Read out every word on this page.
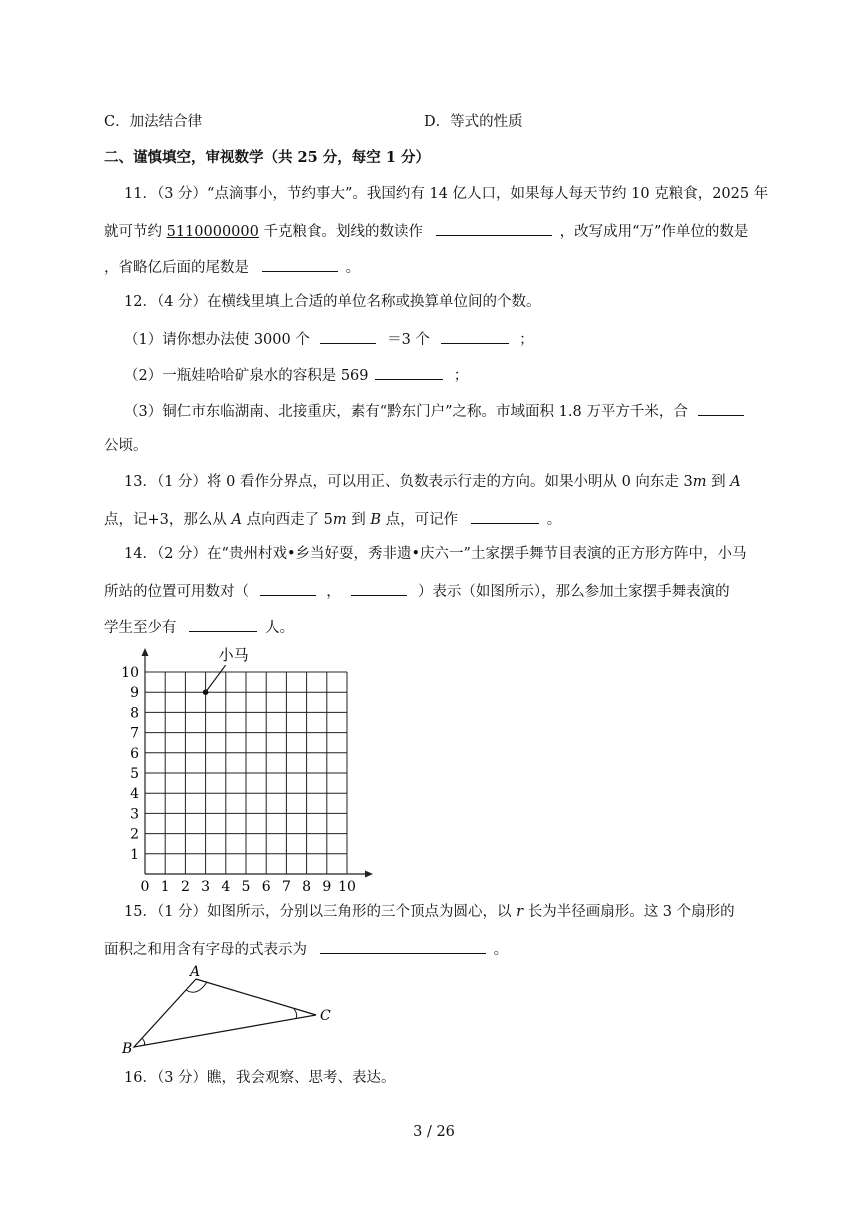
C．加法结合律	D．等式的性质
二、谨慎填空，审视数学（共 25 分，每空 1 分）
11．（3 分）“点滴事小，节约事大”。我国约有 14 亿人口，如果每人每天节约 10 克粮食，2025 年
就可节约 5110000000 千克粮食。划线的数读作	，改写成用“万”作单位的数是
，省略亿后面的尾数是	。
12．（4 分）在横线里填上合适的单位名称或换算单位间的个数。
（1）请你想办法使 3000 个	＝3 个	；
（2）一瓶娃哈哈矿泉水的容积是 569	；
（3）铜仁市东临湖南、北接重庆，素有“黔东门户”之称。市域面积 1.8 万平方千米，合
公顷。
13．（1 分）将 0 看作分界点，可以用正、负数表示行走的方向。如果小明从 0 向东走 3m 到 A
点，记+3，那么从 A 点向西走了 5m 到 B 点，可记作	。
14．（2 分）在“贵州村戏•乡当好耍，秀非遗•庆六一”土家摆手舞节目表演的正方形方阵中，小马
所站的位置可用数对（	，	）表示（如图所示），那么参加土家摆手舞表演的
学生至少有	人。
0 1 2 3 4 5 6 7 8 9 10
1
2
3
4
5
6
7
8
9
10
小马
15．（1 分）如图所示，分别以三角形的三个顶点为圆心，以 r 长为半径画扇形。这 3 个扇形的
面积之和用含有字母的式表示为	。
A
C
B
16．（3 分）瞧，我会观察、思考、表达。
3 / 26
